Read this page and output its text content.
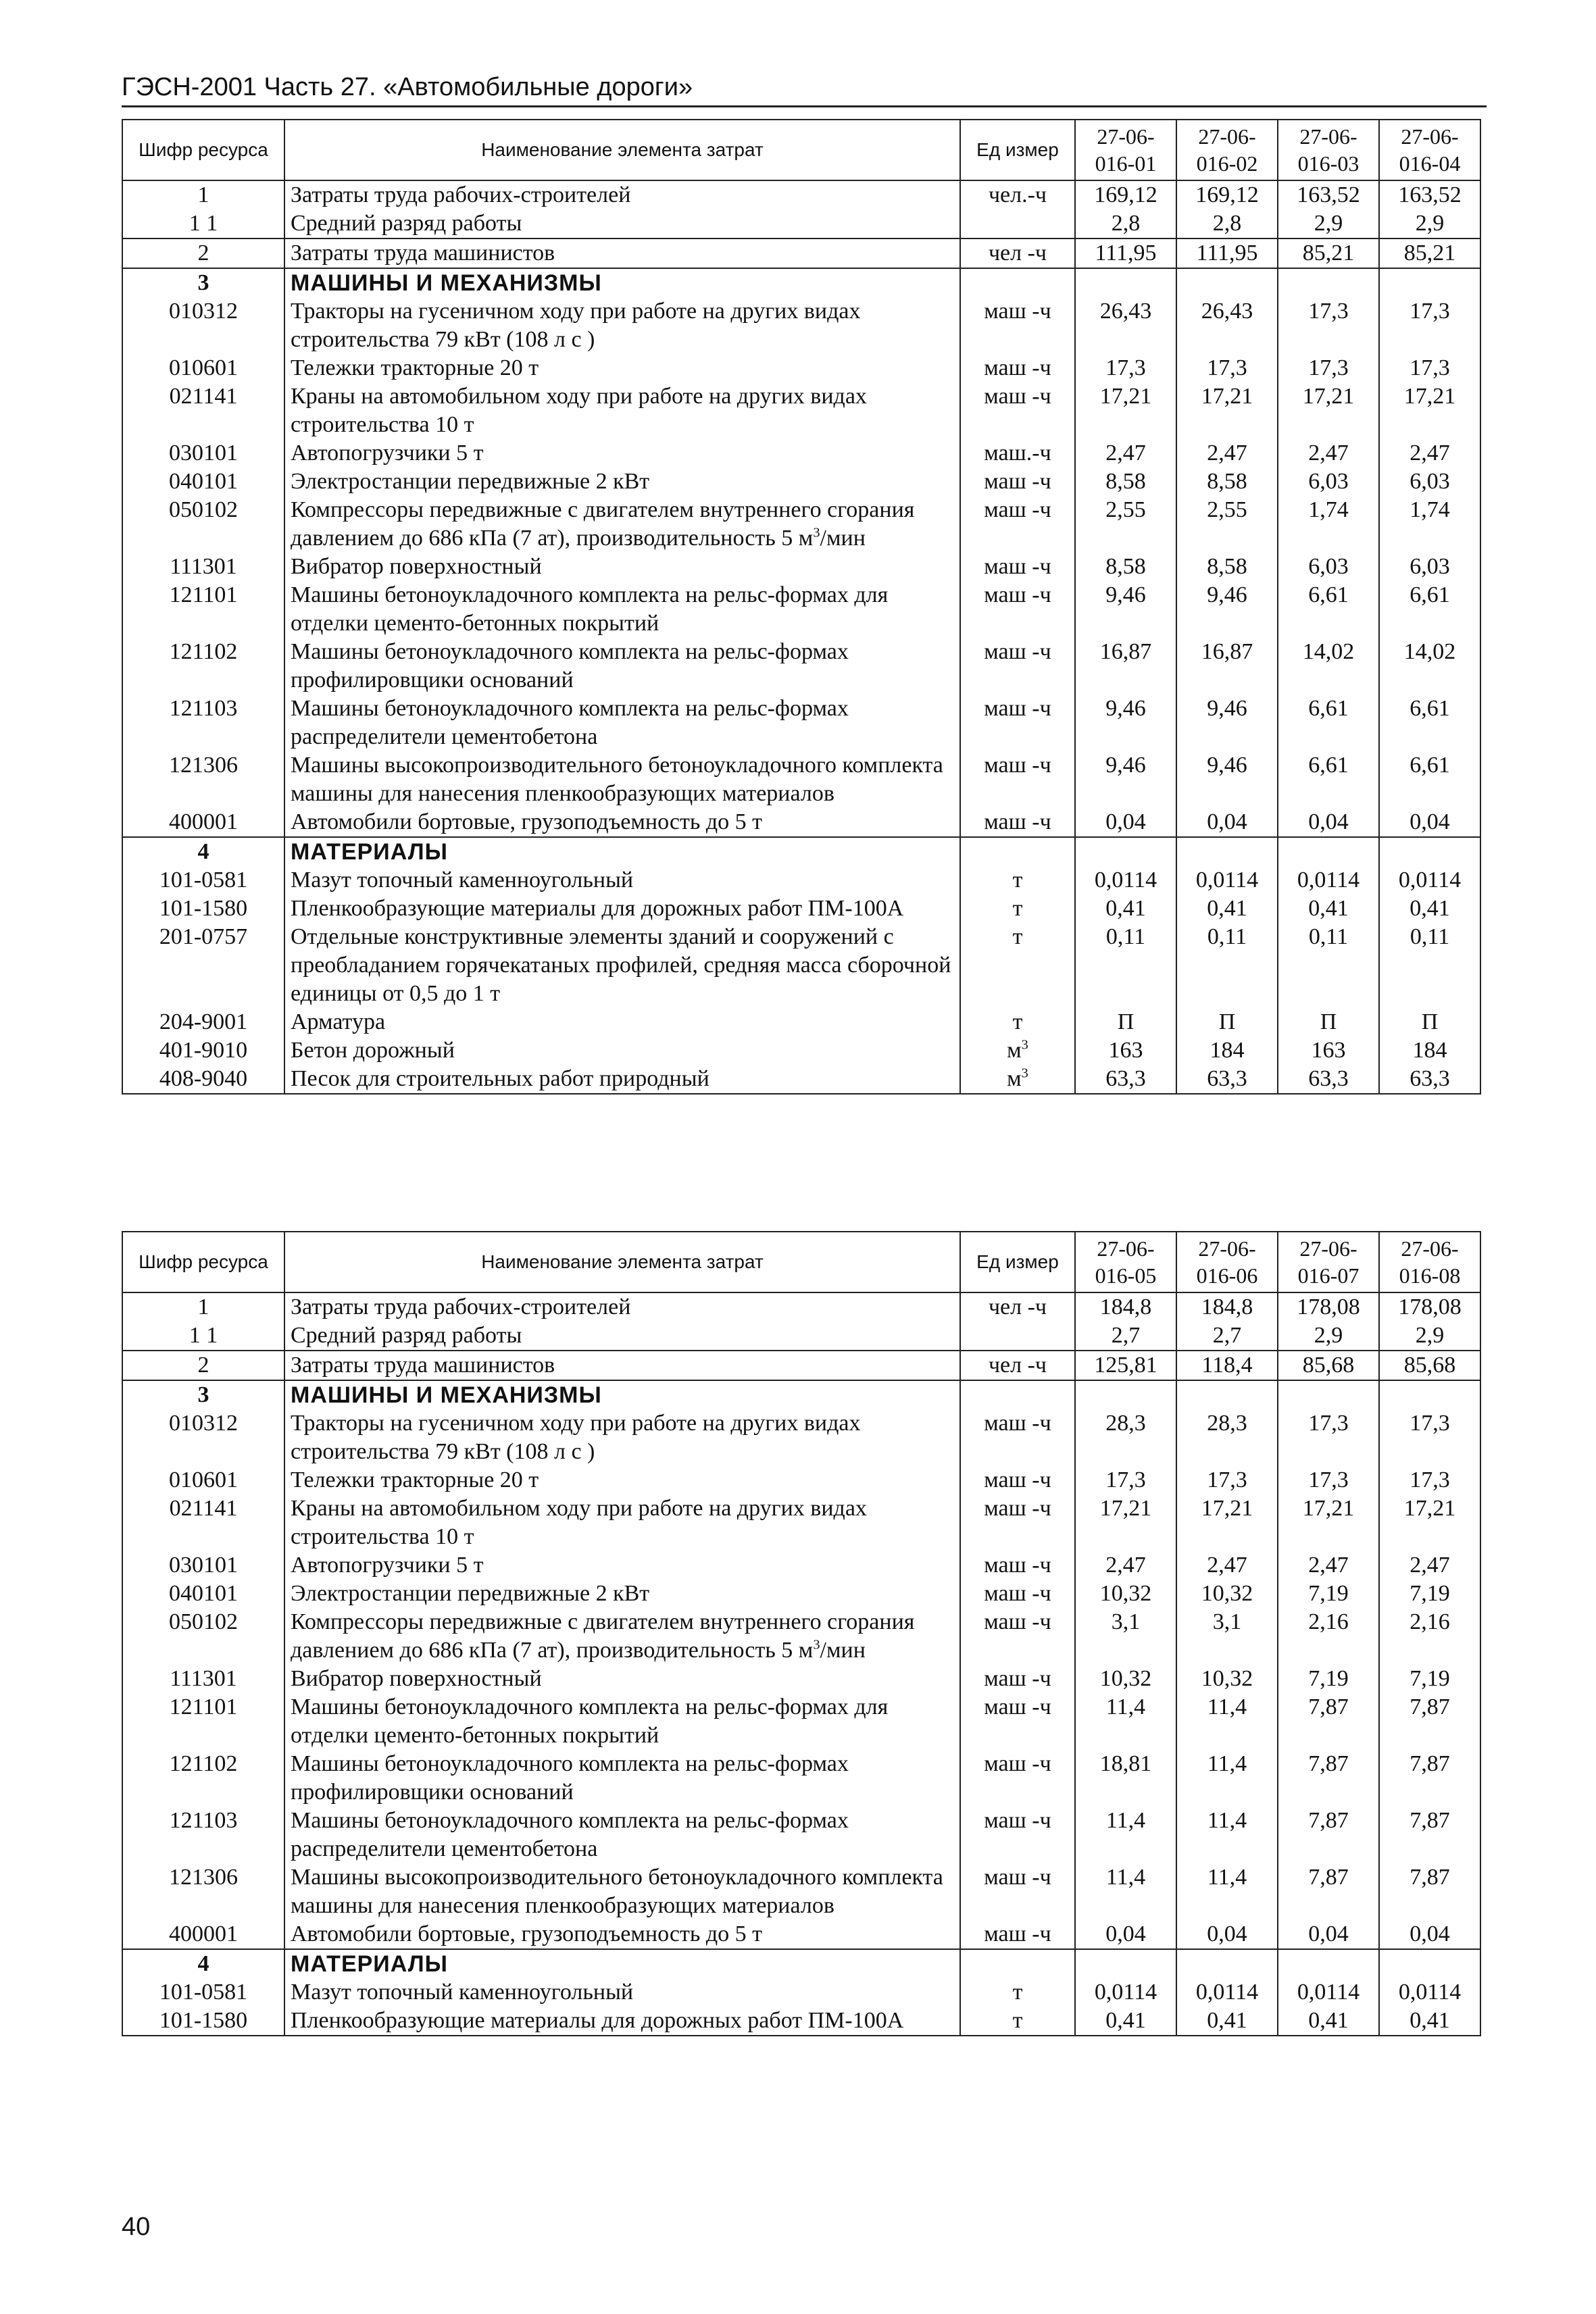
ГЭСН-2001 Часть 27. «Автомобильные дороги»
Шифр ресурса	Наименование элемента затрат	Ед измер	27-06-016-01	27-06-016-02	27-06-016-03	27-06-016-04
1	Затраты труда рабочих-строителей	чел.-ч	169,12	169,12	163,52	163,52
1 1	Средний разряд работы		2,8	2,8	2,9	2,9
2	Затраты труда машинистов	чел -ч	111,95	111,95	85,21	85,21
3	МАШИНЫ И МЕХАНИЗМЫ					
010312	Тракторы на гусеничном ходу при работе на других видах строительства 79 кВт (108 л с )	маш -ч	26,43	26,43	17,3	17,3
010601	Тележки тракторные 20 т	маш -ч	17,3	17,3	17,3	17,3
021141	Краны на автомобильном ходу при работе на других видах строительства 10 т	маш -ч	17,21	17,21	17,21	17,21
030101	Автопогрузчики 5 т	маш.-ч	2,47	2,47	2,47	2,47
040101	Электростанции передвижные 2 кВт	маш -ч	8,58	8,58	6,03	6,03
050102	Компрессоры передвижные с двигателем внутреннего сгорания давлением до 686 кПа (7 ат), производительность 5 $м^3$/мин	маш -ч	2,55	2,55	1,74	1,74
111301	Вибратор поверхностный	маш -ч	8,58	8,58	6,03	6,03
121101	Машины бетоноукладочного комплекта на рельс-формах для отделки цементо-бетонных покрытий	маш -ч	9,46	9,46	6,61	6,61
121102	Машины бетоноукладочного комплекта на рельс-формах профилировщики оснований	маш -ч	16,87	16,87	14,02	14,02
121103	Машины бетоноукладочного комплекта на рельс-формах распределители цементобетона	маш -ч	9,46	9,46	6,61	6,61
121306	Машины высокопроизводительного бетоноукладочного комплекта машины для нанесения пленкообразующих материалов	маш -ч	9,46	9,46	6,61	6,61
400001	Автомобили бортовые, грузоподъемность до 5 т	маш -ч	0,04	0,04	0,04	0,04
4	МАТЕРИАЛЫ					
101-0581	Мазут топочный каменноугольный	т	0,0114	0,0114	0,0114	0,0114
101-1580	Пленкообразующие материалы для дорожных работ ПМ-100А	т	0,41	0,41	0,41	0,41
201-0757	Отдельные конструктивные элементы зданий и сооружений с преобладанием горячекатаных профилей, средняя масса сборочной единицы от 0,5 до 1 т	т	0,11	0,11	0,11	0,11
204-9001	Арматура	т	П	П	П	П
401-9010	Бетон дорожный	$м^3$	163	184	163	184
408-9040	Песок для строительных работ природный	$м^3$	63,3	63,3	63,3	63,3
Шифр ресурса	Наименование элемента затрат	Ед измер	27-06-016-05	27-06-016-06	27-06-016-07	27-06-016-08
1	Затраты труда рабочих-строителей	чел -ч	184,8	184,8	178,08	178,08
1 1	Средний разряд работы		2,7	2,7	2,9	2,9
2	Затраты труда машинистов	чел -ч	125,81	118,4	85,68	85,68
3	МАШИНЫ И МЕХАНИЗМЫ					
010312	Тракторы на гусеничном ходу при работе на других видах строительства 79 кВт (108 л с )	маш -ч	28,3	28,3	17,3	17,3
010601	Тележки тракторные 20 т	маш -ч	17,3	17,3	17,3	17,3
021141	Краны на автомобильном ходу при работе на других видах строительства 10 т	маш -ч	17,21	17,21	17,21	17,21
030101	Автопогрузчики 5 т	маш -ч	2,47	2,47	2,47	2,47
040101	Электростанции передвижные 2 кВт	маш -ч	10,32	10,32	7,19	7,19
050102	Компрессоры передвижные с двигателем внутреннего сгорания давлением до 686 кПа (7 ат), производительность 5 $м^3$/мин	маш -ч	3,1	3,1	2,16	2,16
111301	Вибратор поверхностный	маш -ч	10,32	10,32	7,19	7,19
121101	Машины бетоноукладочного комплекта на рельс-формах для отделки цементо-бетонных покрытий	маш -ч	11,4	11,4	7,87	7,87
121102	Машины бетоноукладочного комплекта на рельс-формах профилировщики оснований	маш -ч	18,81	11,4	7,87	7,87
121103	Машины бетоноукладочного комплекта на рельс-формах распределители цементобетона	маш -ч	11,4	11,4	7,87	7,87
121306	Машины высокопроизводительного бетоноукладочного комплекта машины для нанесения пленкообразующих материалов	маш -ч	11,4	11,4	7,87	7,87
400001	Автомобили бортовые, грузоподъемность до 5 т	маш -ч	0,04	0,04	0,04	0,04
4	МАТЕРИАЛЫ					
101-0581	Мазут топочный каменноугольный	т	0,0114	0,0114	0,0114	0,0114
101-1580	Пленкообразующие материалы для дорожных работ ПМ-100А	т	0,41	0,41	0,41	0,41
40
